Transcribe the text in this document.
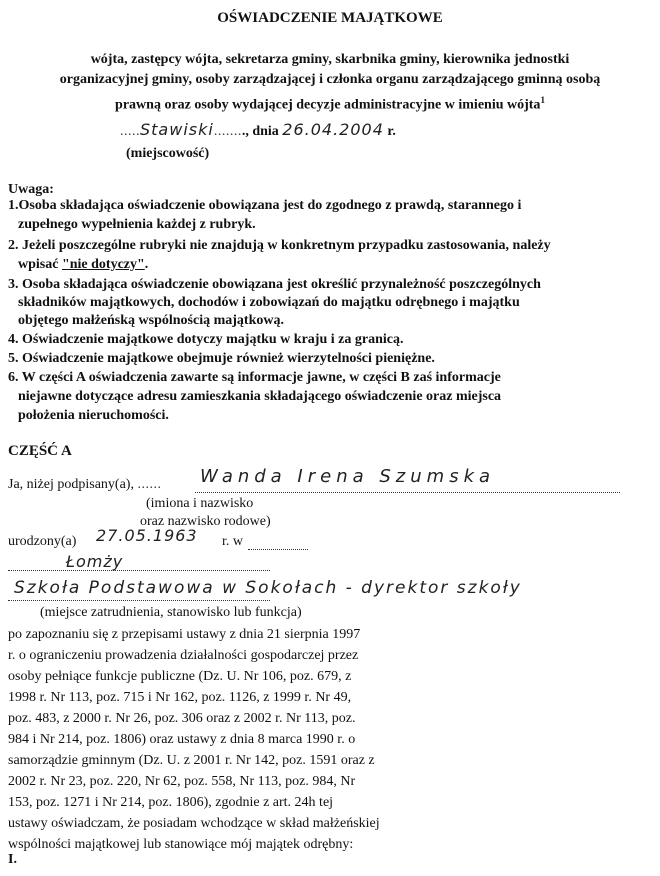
OŚWIADCZENIE MAJĄTKOWE
wójta, zastępcy wójta, sekretarza gminy, skarbnika gminy, kierownika jednostki
organizacyjnej gminy, osoby zarządzającej i członka organu zarządzającego gminną osobą
prawną oraz osoby wydającej decyzje administracyjne w imieniu wójta$^1$
.....Stawiski........, dnia 26.04.2004 r.
(miejscowość)
Uwaga:
1.Osoba składająca oświadczenie obowiązana jest do zgodnego z prawdą, starannego i
zupełnego wypełnienia każdej z rubryk.
2. Jeżeli poszczególne rubryki nie znajdują w konkretnym przypadku zastosowania, należy
wpisać "nie dotyczy".
3. Osoba składająca oświadczenie obowiązana jest określić przynależność poszczególnych
składników majątkowych, dochodów i zobowiązań do majątku odrębnego i majątku
objętego małżeńską wspólnością majątkową.
4. Oświadczenie majątkowe dotyczy majątku w kraju i za granicą.
5. Oświadczenie majątkowe obejmuje również wierzytelności pieniężne.
6. W części A oświadczenia zawarte są informacje jawne, w części B zaś informacje
niejawne dotyczące adresu zamieszkania składającego oświadczenie oraz miejsca
położenia nieruchomości.
CZĘŚĆ A
Ja, niżej podpisany(a), ...... Wanda Irena Szumska
(imiona i nazwisko
oraz nazwisko rodowe)
urodzony(a) 27.05.1963 r. w
Łomży
Szkoła Podstawowa w Sokołach - dyrektor szkoły
(miejsce zatrudnienia, stanowisko lub funkcja)
po zapoznaniu się z przepisami ustawy z dnia 21 sierpnia 1997
r. o ograniczeniu prowadzenia działalności gospodarczej przez
osoby pełniące funkcje publiczne (Dz. U. Nr 106, poz. 679, z
1998 r. Nr 113, poz. 715 i Nr 162, poz. 1126, z 1999 r. Nr 49,
poz. 483, z 2000 r. Nr 26, poz. 306 oraz z 2002 r. Nr 113, poz.
984 i Nr 214, poz. 1806) oraz ustawy z dnia 8 marca 1990 r. o
samorządzie gminnym (Dz. U. z 2001 r. Nr 142, poz. 1591 oraz z
2002 r. Nr 23, poz. 220, Nr 62, poz. 558, Nr 113, poz. 984, Nr
153, poz. 1271 i Nr 214, poz. 1806), zgodnie z art. 24h tej
ustawy oświadczam, że posiadam wchodzące w skład małżeńskiej
wspólności majątkowej lub stanowiące mój majątek odrębny:
I.
